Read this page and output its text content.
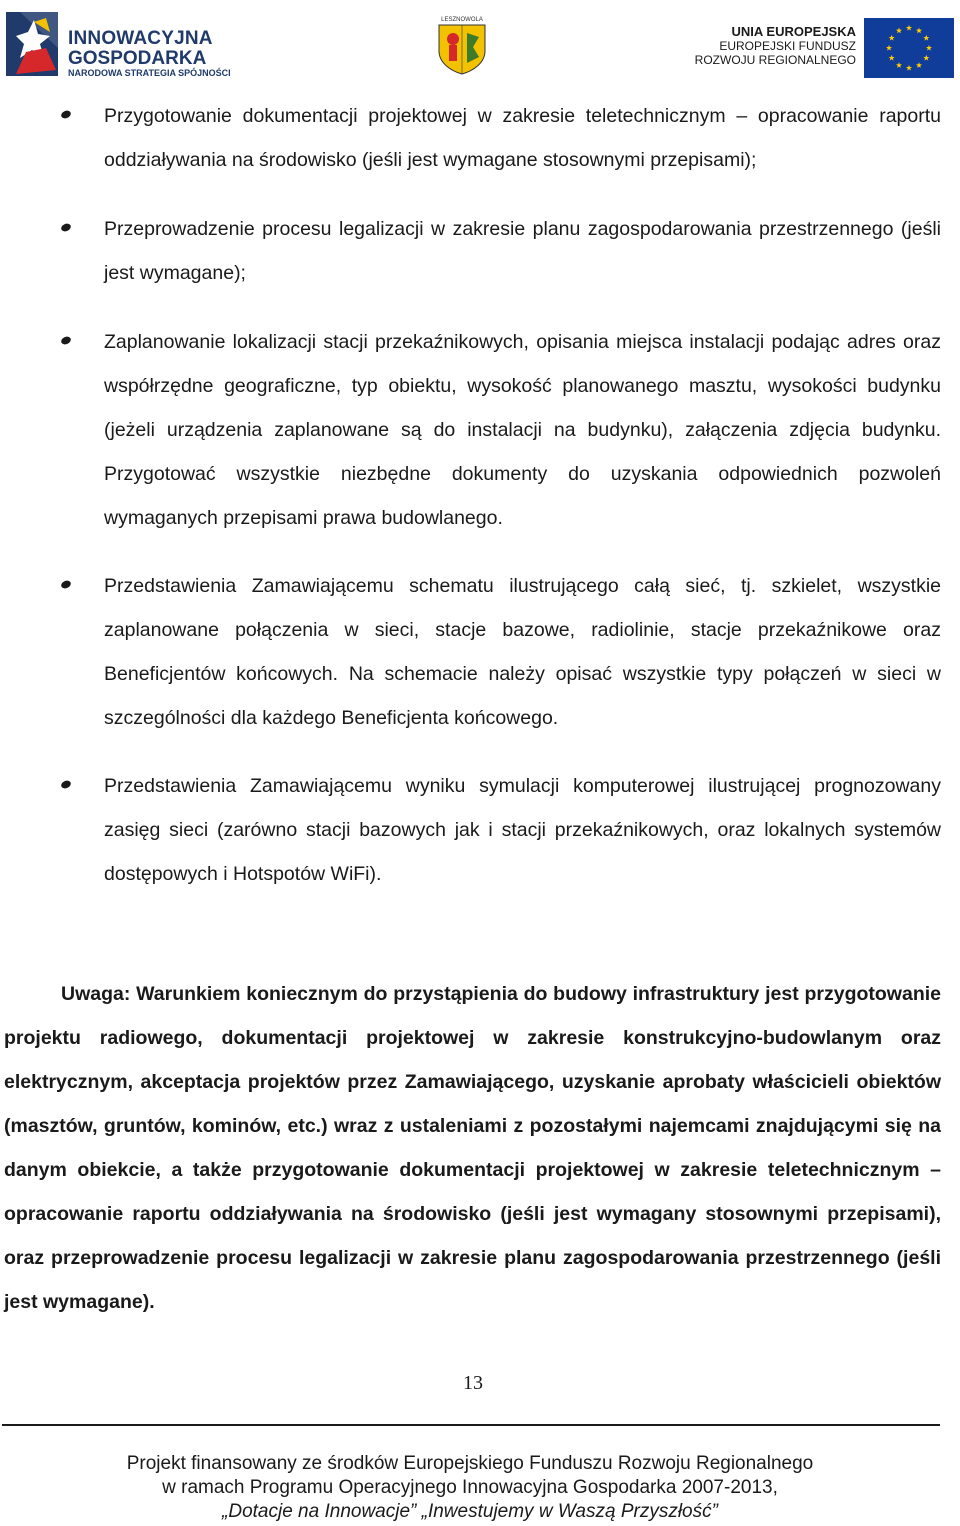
INNOWACYJNA
GOSPODARKA
NARODOWA STRATEGIA SPÓJNOŚCI
LESZNOWOLA
UNIA EUROPEJSKA
EUROPEJSKI FUNDUSZ
ROZWOJU REGIONALNEGO
Przygotowanie dokumentacji projektowej w zakresie teletechnicznym – opracowanie raportu oddziaływania na środowisko (jeśli jest wymagane stosownymi przepisami);
Przeprowadzenie procesu legalizacji w zakresie planu zagospodarowania przestrzennego (jeśli jest wymagane);
Zaplanowanie lokalizacji stacji przekaźnikowych, opisania miejsca instalacji podając adres oraz współrzędne geograficzne, typ obiektu, wysokość planowanego masztu, wysokości budynku (jeżeli urządzenia zaplanowane są do instalacji na budynku), załączenia zdjęcia budynku. Przygotować wszystkie niezbędne dokumenty do uzyskania odpowiednich pozwoleń wymaganych przepisami prawa budowlanego.
Przedstawienia Zamawiającemu schematu ilustrującego całą sieć, tj. szkielet, wszystkie zaplanowane połączenia w sieci, stacje bazowe, radiolinie, stacje przekaźnikowe oraz Beneficjentów końcowych. Na schemacie należy opisać wszystkie typy połączeń w sieci w szczególności dla każdego Beneficjenta końcowego.
Przedstawienia Zamawiającemu wyniku symulacji komputerowej ilustrującej prognozowany zasięg sieci (zarówno stacji bazowych jak i stacji przekaźnikowych, oraz lokalnych systemów dostępowych i Hotspotów WiFi).
Uwaga: Warunkiem koniecznym do przystąpienia do budowy infrastruktury jest przygotowanie projektu radiowego, dokumentacji projektowej w zakresie konstrukcyjno-budowlanym oraz elektrycznym, akceptacja projektów przez Zamawiającego, uzyskanie aprobaty właścicieli obiektów (masztów, gruntów, kominów, etc.) wraz z ustaleniami z pozostałymi najemcami znajdującymi się na danym obiekcie, a także przygotowanie dokumentacji projektowej w zakresie teletechnicznym – opracowanie raportu oddziaływania na środowisko (jeśli jest wymagany stosownymi przepisami), oraz przeprowadzenie procesu legalizacji w zakresie planu zagospodarowania przestrzennego (jeśli jest wymagane).
13
Projekt finansowany ze środków Europejskiego Funduszu Rozwoju Regionalnego
w ramach Programu Operacyjnego Innowacyjna Gospodarka 2007-2013,
„Dotacje na Innowacje” „Inwestujemy w Waszą Przyszłość”
